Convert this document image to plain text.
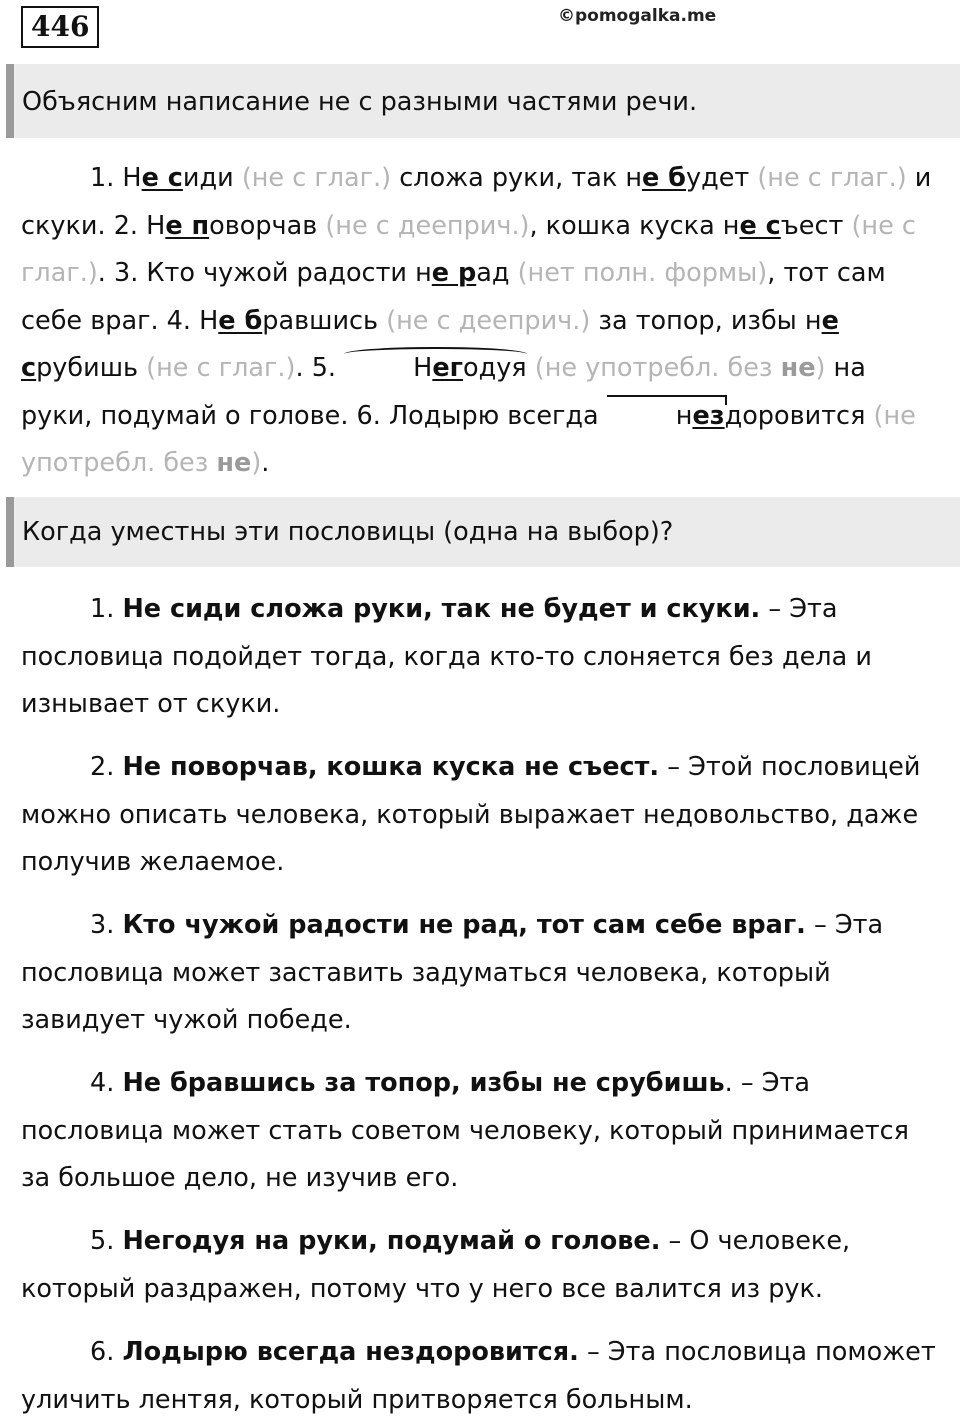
446	©pomogalka.me
Объясним написание не с разными частями речи.
1. Не сиди (не с глаг.) сложа руки, так не будет (не с глаг.) и скуки. 2. Не поворчав (не с дееприч.), кошка куска не съест (не с глаг.). 3. Кто чужой радости не рад (нет полн. формы), тот сам себе враг. 4. Не бравшись (не с дееприч.) за топор, избы не срубишь (не с глаг.). 5.	Негодуя (не употребл. без не) на руки, подумай о голове. 6. Лодырю всегда	нездоровится (не употребл. без не).
Когда уместны эти пословицы (одна на выбор)?
1. Не сиди сложа руки, так не будет и скуки. – Эта пословица подойдет тогда, когда кто-то слоняется без дела и изнывает от скуки.
2. Не поворчав, кошка куска не съест. – Этой пословицей можно описать человека, который выражает недовольство, даже получив желаемое.
3. Кто чужой радости не рад, тот сам себе враг. – Эта пословица может заставить задуматься человека, который завидует чужой победе.
4. Не бравшись за топор, избы не срубишь. – Эта пословица может стать советом человеку, который принимается за большое дело, не изучив его.
5. Негодуя на руки, подумай о голове. – О человеке, который раздражен, потому что у него все валится из рук.
6. Лодырю всегда нездоровится. – Эта пословица поможет уличить лентяя, который притворяется больным.
